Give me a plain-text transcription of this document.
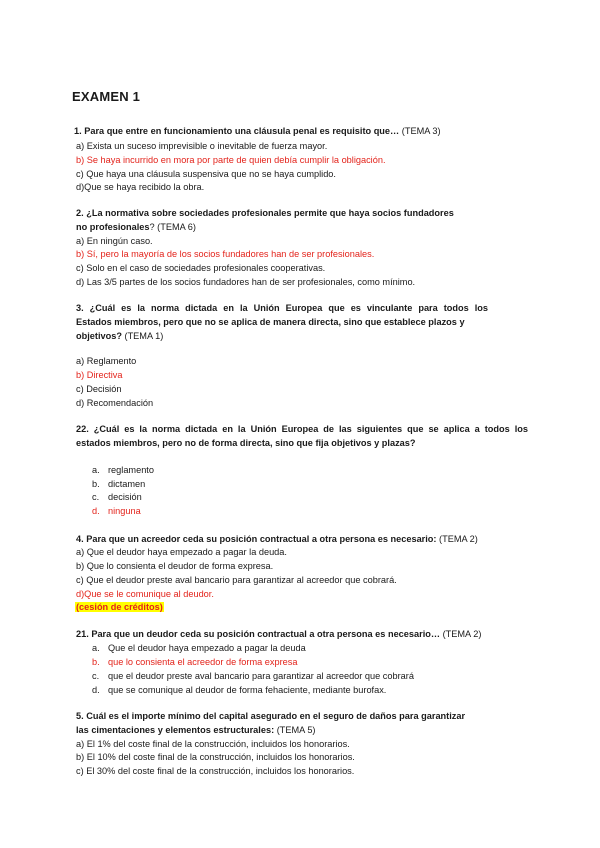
EXAMEN 1
1. Para que entre en funcionamiento una cláusula penal es requisito que… (TEMA 3)
a) Exista un suceso imprevisible o inevitable de fuerza mayor.
b) Se haya incurrido en mora por parte de quien debía cumplir la obligación.
c) Que haya una cláusula suspensiva que no se haya cumplido.
d)Que se haya recibido la obra.
2. ¿La normativa sobre sociedades profesionales permite que haya socios fundadores
no profesionales? (TEMA 6)
a) En ningún caso.
b) Sí, pero la mayoría de los socios fundadores han de ser profesionales.
c) Solo en el caso de sociedades profesionales cooperativas.
d) Las 3/5 partes de los socios fundadores han de ser profesionales, como mínimo.
3. ¿Cuál es la norma dictada en la Unión Europea que es vinculante para todos los
Estados miembros, pero que no se aplica de manera directa, sino que establece plazos y
objetivos? (TEMA 1)
a) Reglamento
b) Directiva
c) Decisión
d) Recomendación
22. ¿Cuál es la norma dictada en la Unión Europea de las siguientes que se aplica a todos los
estados miembros, pero no de forma directa, sino que fija objetivos y plazas?
a. reglamento
b. dictamen
c. decisión
d. ninguna
4. Para que un acreedor ceda su posición contractual a otra persona es necesario: (TEMA 2)
a) Que el deudor haya empezado a pagar la deuda.
b) Que lo consienta el deudor de forma expresa.
c) Que el deudor preste aval bancario para garantizar al acreedor que cobrará.
d)Que se le comunique al deudor.
(cesión de créditos)
21. Para que un deudor ceda su posición contractual a otra persona es necesario… (TEMA 2)
a. Que el deudor haya empezado a pagar la deuda
b. que lo consienta el acreedor de forma expresa
c. que el deudor preste aval bancario para garantizar al acreedor que cobrará
d. que se comunique al deudor de forma fehaciente, mediante burofax.
5. Cuál es el importe mínimo del capital asegurado en el seguro de daños para garantizar
las cimentaciones y elementos estructurales: (TEMA 5)
a) El 1% del coste final de la construcción, incluidos los honorarios.
b) El 10% del coste final de la construcción, incluidos los honorarios.
c) El 30% del coste final de la construcción, incluidos los honorarios.
